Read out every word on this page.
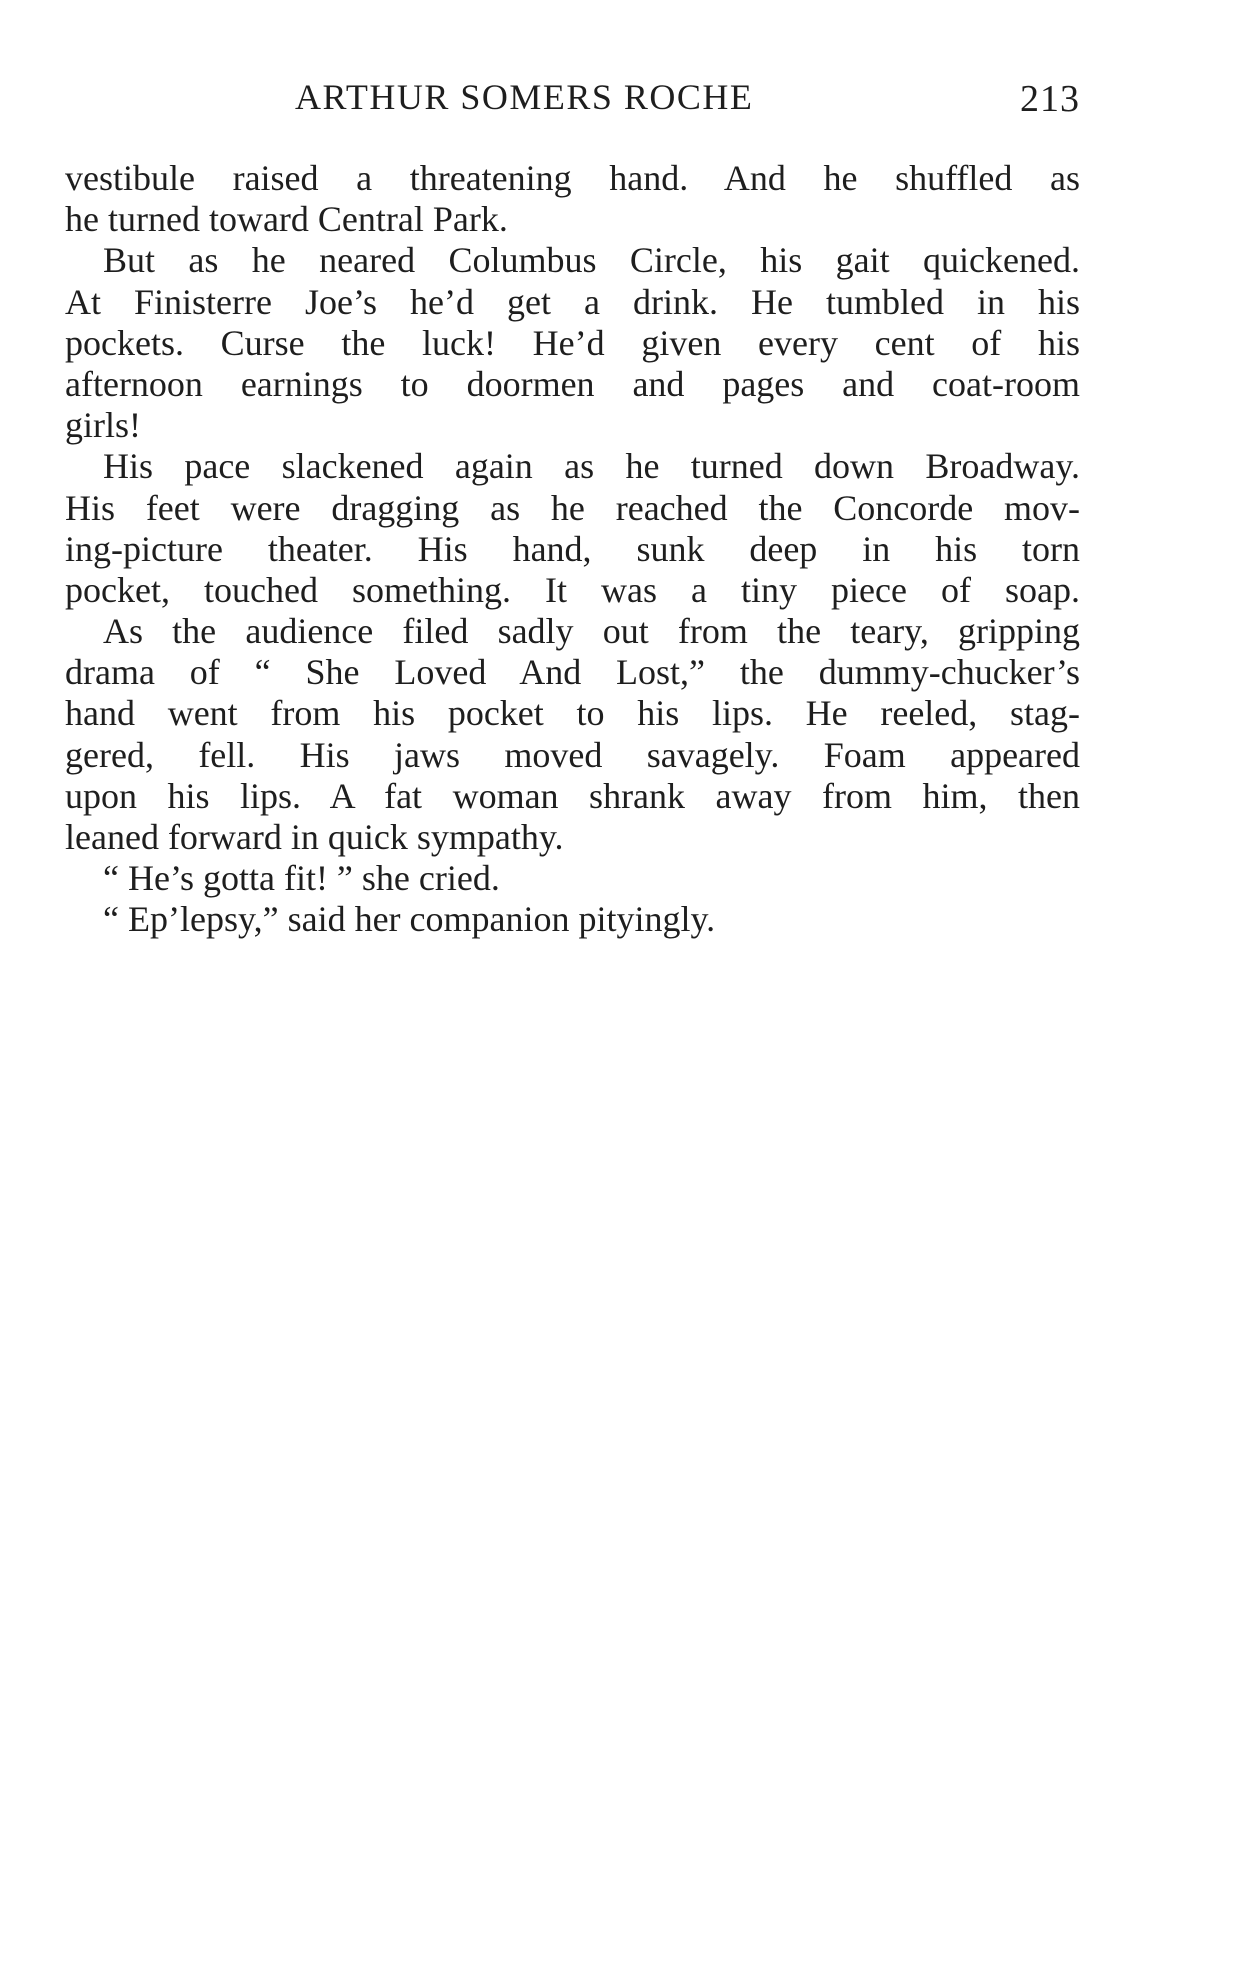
ARTHUR SOMERS ROCHE	213
vestibule raised a threatening hand. And he shuffled as
he turned toward Central Park.
But as he neared Columbus Circle, his gait quickened.
At Finisterre Joe’s he’d get a drink. He tumbled in his
pockets. Curse the luck! He’d given every cent of his
afternoon earnings to doormen and pages and coat-room
girls!
His pace slackened again as he turned down Broadway.
His feet were dragging as he reached the Concorde mov-
ing-picture theater. His hand, sunk deep in his torn
pocket, touched something. It was a tiny piece of soap.
As the audience filed sadly out from the teary, gripping
drama of “ She Loved And Lost,” the dummy-chucker’s
hand went from his pocket to his lips. He reeled, stag-
gered, fell. His jaws moved savagely. Foam appeared
upon his lips. A fat woman shrank away from him, then
leaned forward in quick sympathy.
“ He’s gotta fit! ” she cried.
“ Ep’lepsy,” said her companion pityingly.
